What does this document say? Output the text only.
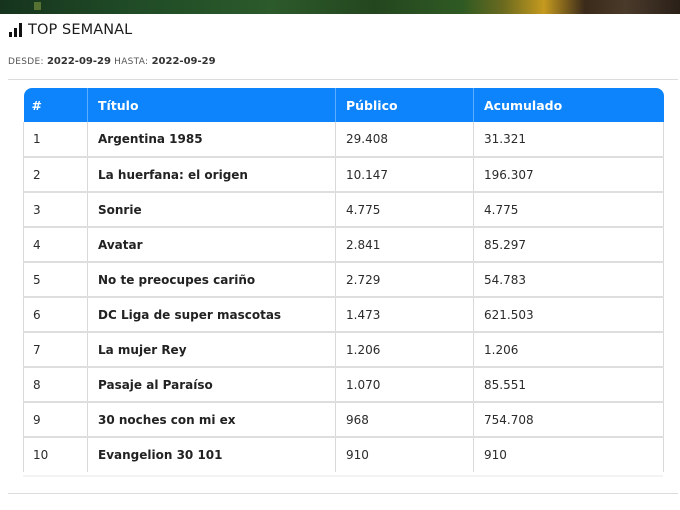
TOP SEMANAL
DESDE: 2022-09-29 HASTA: 2022-09-29
#	Título	Público	Acumulado
1	Argentina 1985	29.408	31.321
2	La huerfana: el origen	10.147	196.307
3	Sonrie	4.775	4.775
4	Avatar	2.841	85.297
5	No te preocupes cariño	2.729	54.783
6	DC Liga de super mascotas	1.473	621.503
7	La mujer Rey	1.206	1.206
8	Pasaje al Paraíso	1.070	85.551
9	30 noches con mi ex	968	754.708
10	Evangelion 30 101	910	910
